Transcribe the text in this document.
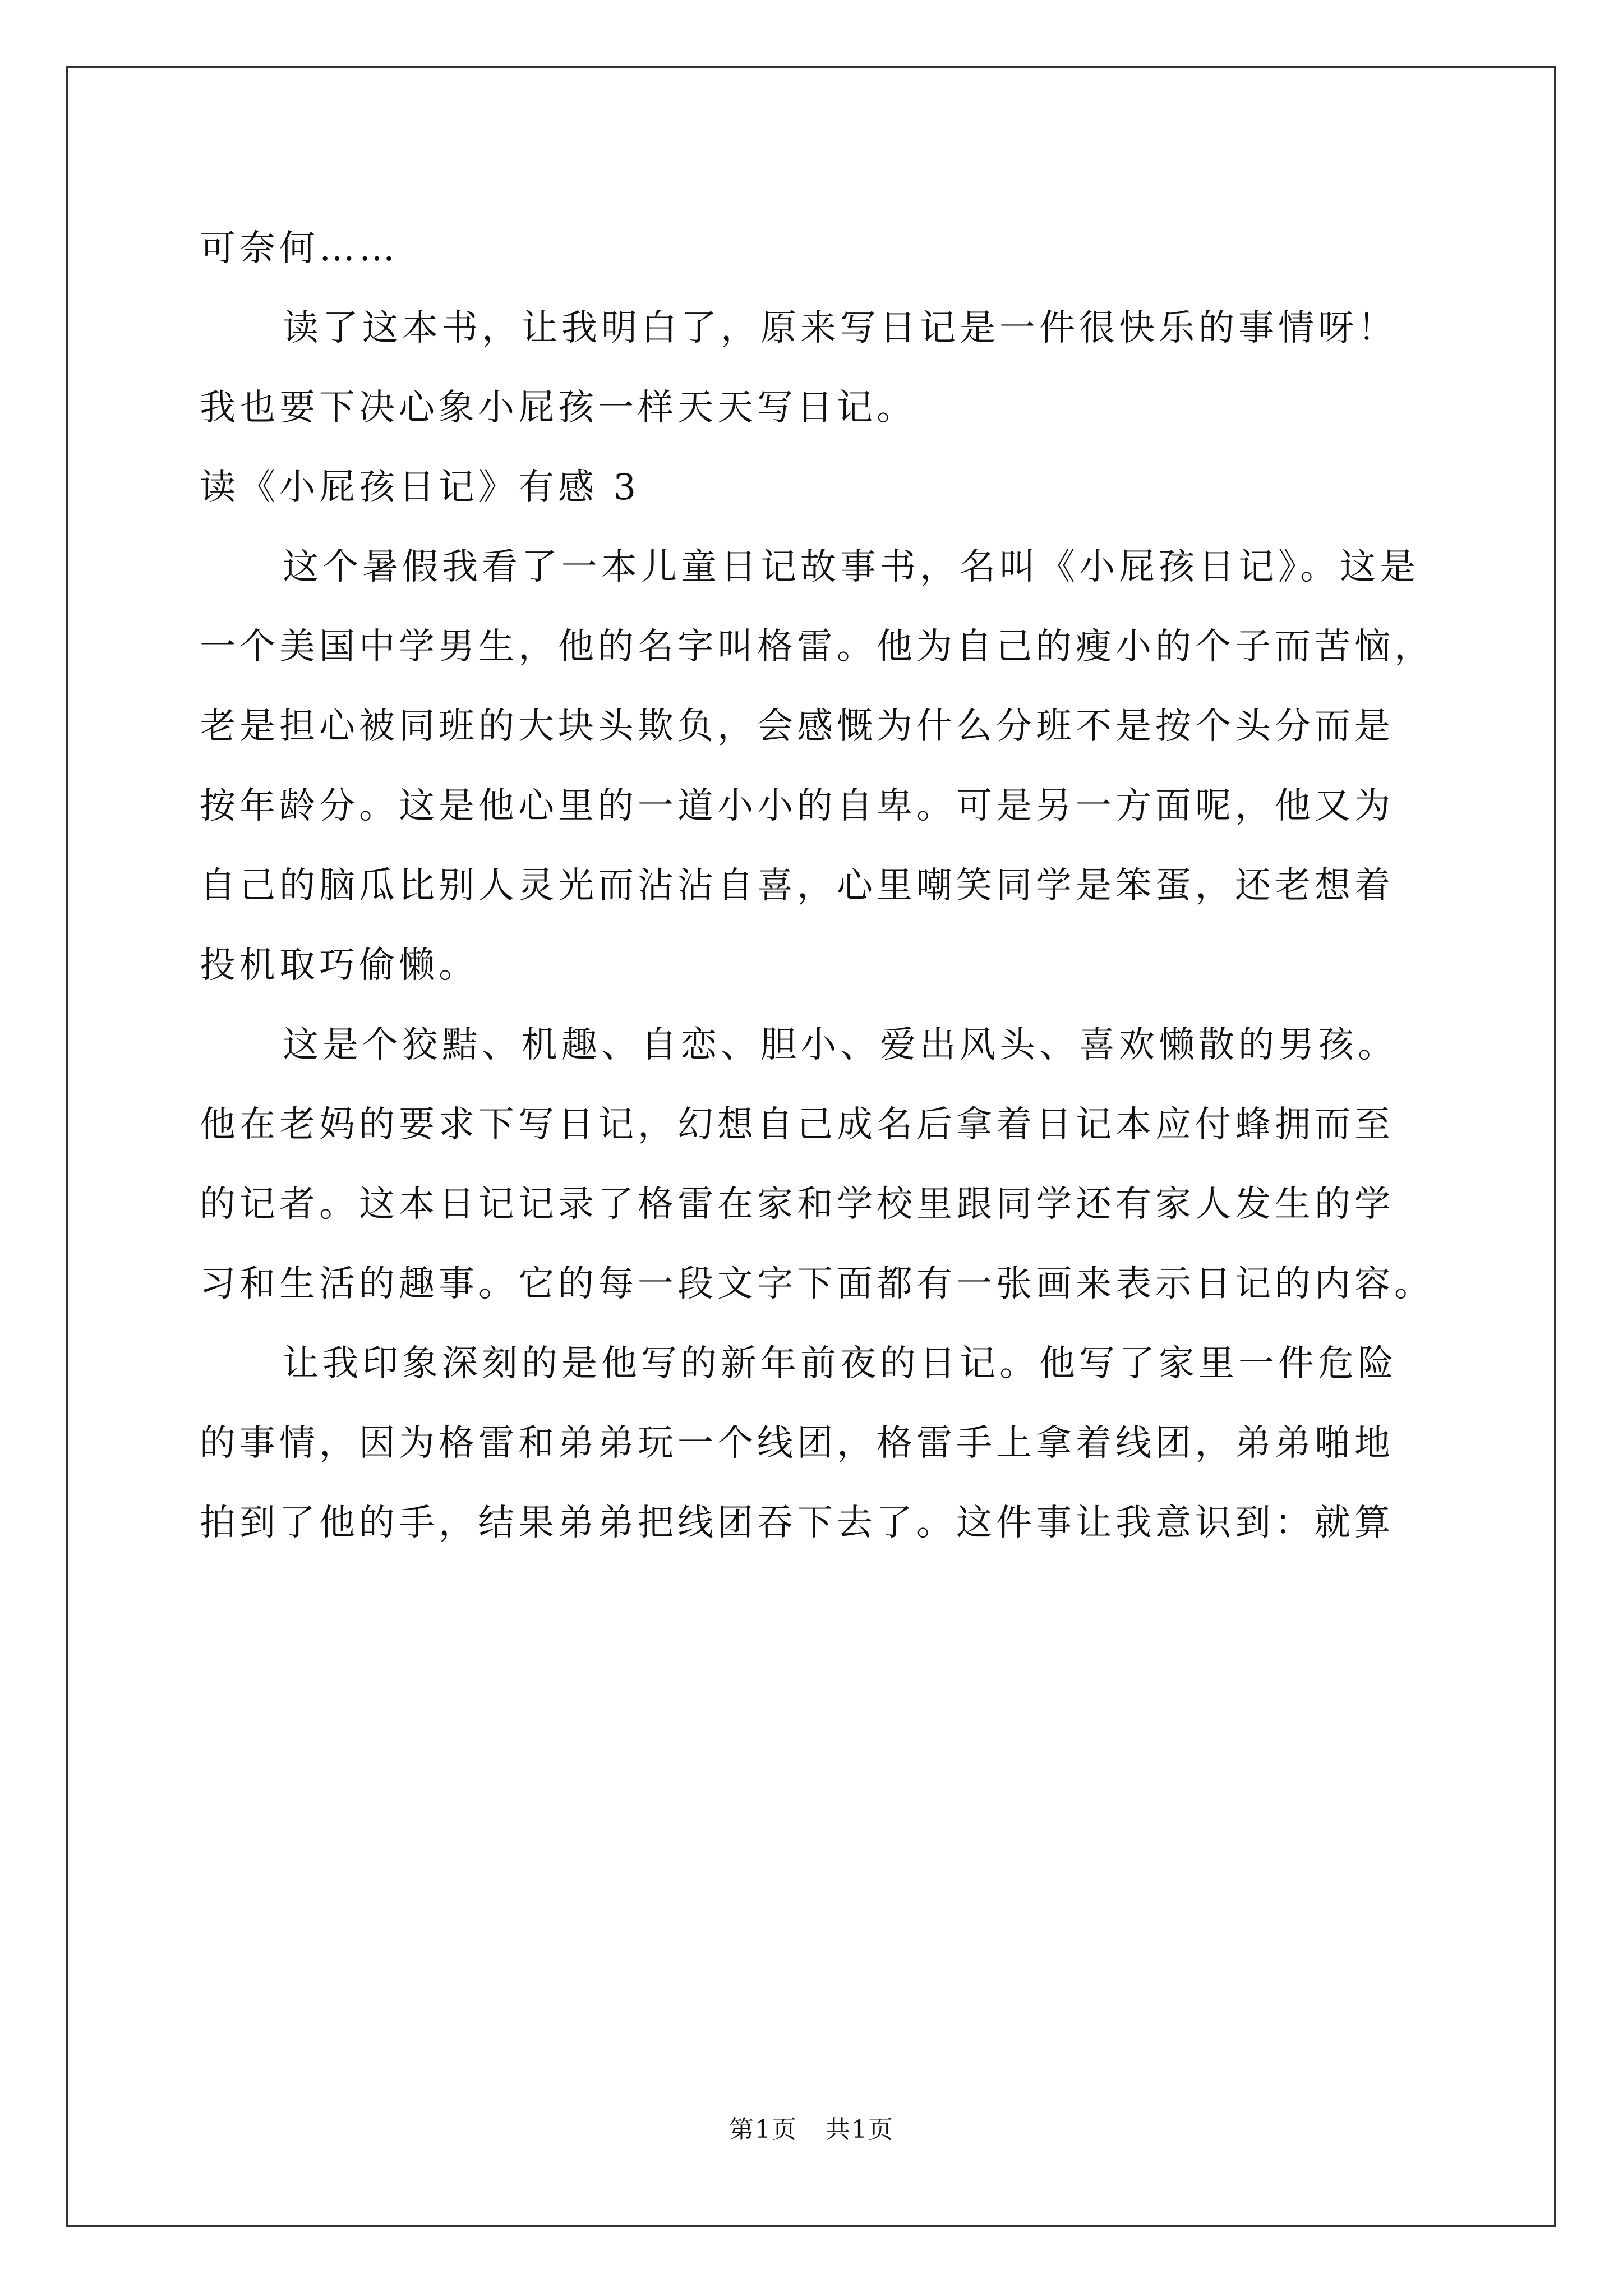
可奈何……
读了这本书，让我明白了，原来写日记是一件很快乐的事情呀！
我也要下决心象小屁孩一样天天写日记。
读《小屁孩日记》有感 3
这个暑假我看了一本儿童日记故事书，名叫《小屁孩日记》。这是
一个美国中学男生，他的名字叫格雷。他为自己的瘦小的个子而苦恼，
老是担心被同班的大块头欺负，会感慨为什么分班不是按个头分而是
按年龄分。这是他心里的一道小小的自卑。可是另一方面呢，他又为
自己的脑瓜比别人灵光而沾沾自喜，心里嘲笑同学是笨蛋，还老想着
投机取巧偷懒。
这是个狡黠、机趣、自恋、胆小、爱出风头、喜欢懒散的男孩。
他在老妈的要求下写日记，幻想自己成名后拿着日记本应付蜂拥而至
的记者。这本日记记录了格雷在家和学校里跟同学还有家人发生的学
习和生活的趣事。它的每一段文字下面都有一张画来表示日记的内容。
让我印象深刻的是他写的新年前夜的日记。他写了家里一件危险
的事情，因为格雷和弟弟玩一个线团，格雷手上拿着线团，弟弟啪地
拍到了他的手，结果弟弟把线团吞下去了。这件事让我意识到：就算
第1页 共1页
